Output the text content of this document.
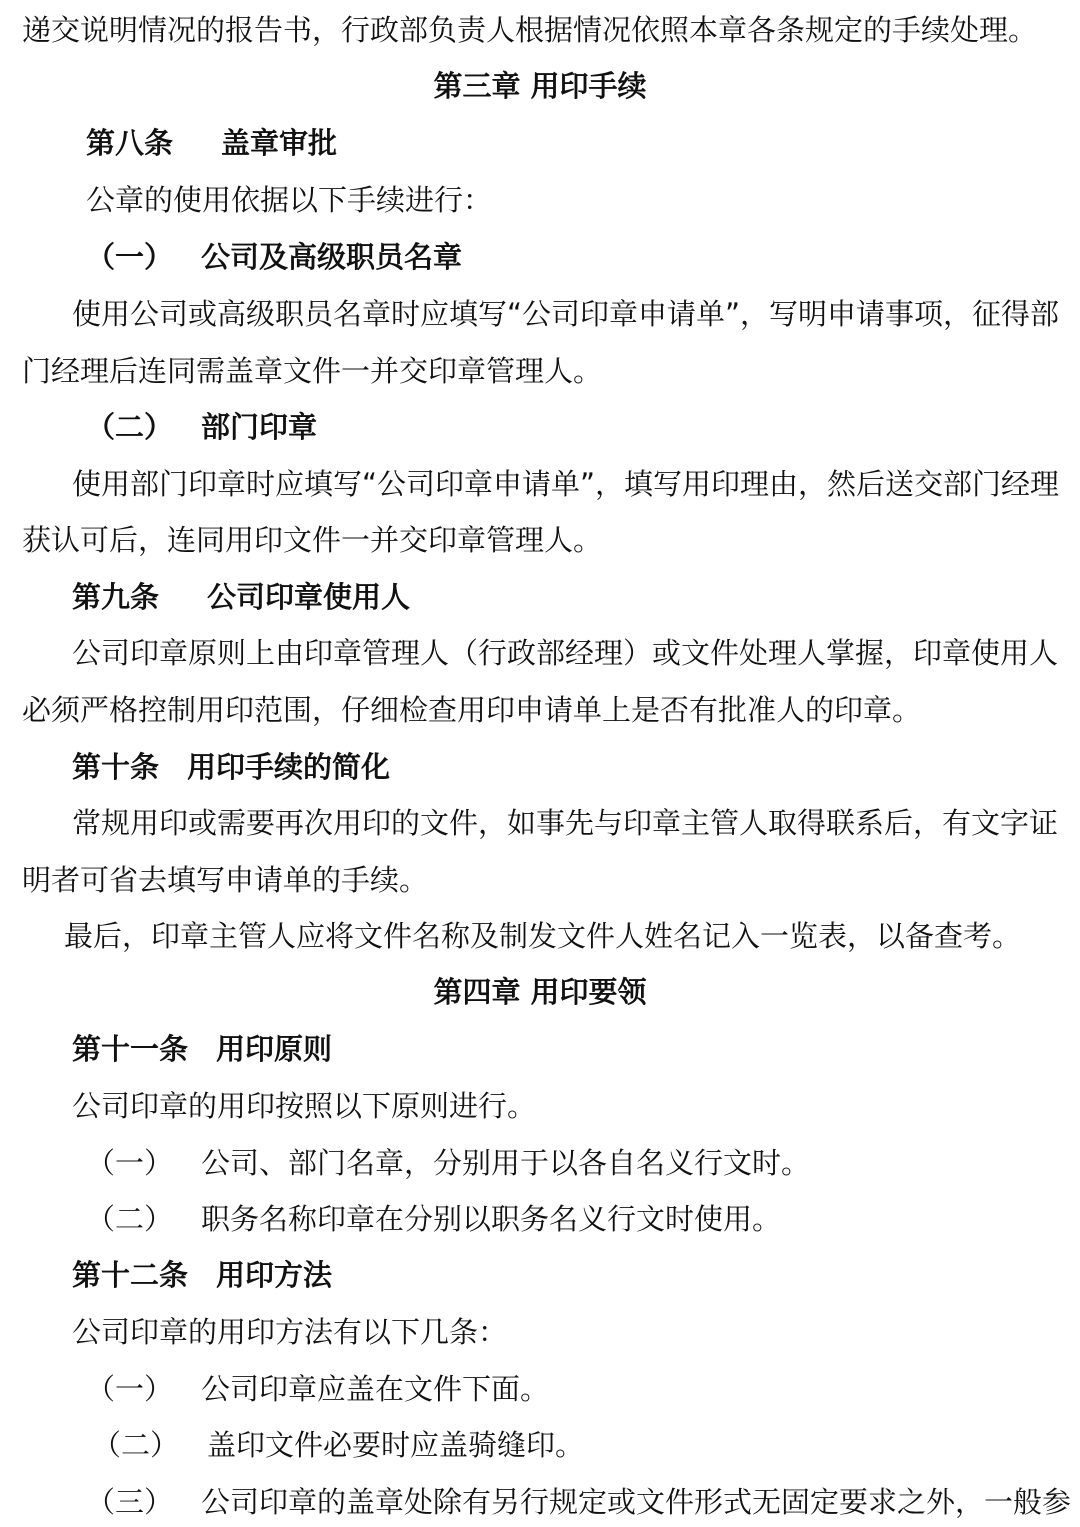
递交说明情况的报告书，行政部负责人根据情况依照本章各条规定的手续处理。
第三章 用印手续
第八条 盖章审批
公章的使用依据以下手续进行：
（一） 公司及高级职员名章
使用公司或高级职员名章时应填写“公司印章申请单”，写明申请事项，征得部
门经理后连同需盖章文件一并交印章管理人。
（二） 部门印章
使用部门印章时应填写“公司印章申请单”，填写用印理由，然后送交部门经理
获认可后，连同用印文件一并交印章管理人。
第九条 公司印章使用人
公司印章原则上由印章管理人（行政部经理）或文件处理人掌握，印章使用人
必须严格控制用印范围，仔细检查用印申请单上是否有批准人的印章。
第十条 用印手续的简化
常规用印或需要再次用印的文件，如事先与印章主管人取得联系后，有文字证
明者可省去填写申请单的手续。
最后，印章主管人应将文件名称及制发文件人姓名记入一览表，以备查考。
第四章 用印要领
第十一条 用印原则
公司印章的用印按照以下原则进行。
（一） 公司、部门名章，分别用于以各自名义行文时。
（二） 职务名称印章在分别以职务名义行文时使用。
第十二条 用印方法
公司印章的用印方法有以下几条：
（一） 公司印章应盖在文件下面。
（二） 盖印文件必要时应盖骑缝印。
（三） 公司印章的盖章处除有另行规定或文件形式无固定要求之外，一般参
